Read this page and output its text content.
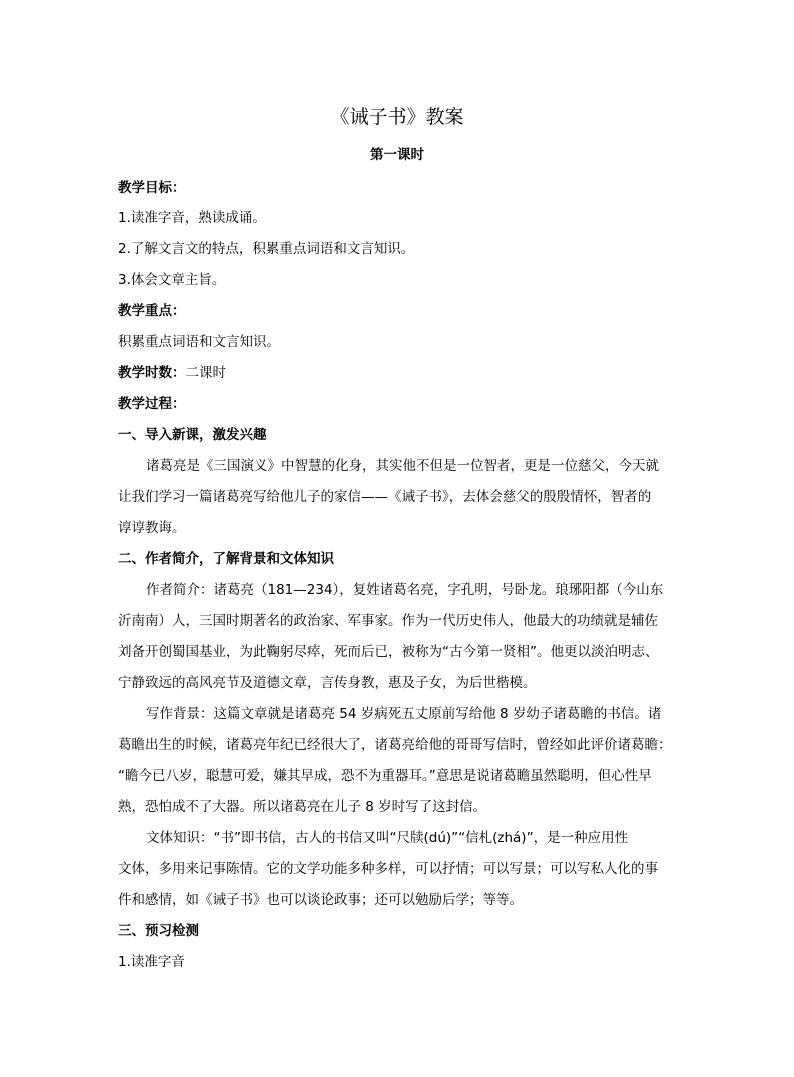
《诫子书》教案
第一课时
教学目标：
1.读准字音，熟读成诵。
2.了解文言文的特点，积累重点词语和文言知识。
3.体会文章主旨。
教学重点：
积累重点词语和文言知识。
教学时数：二课时
教学过程：
一、导入新课，激发兴趣
诸葛亮是《三国演义》中智慧的化身，其实他不但是一位智者，更是一位慈父，今天就
让我们学习一篇诸葛亮写给他儿子的家信——《诫子书》，去体会慈父的殷殷情怀，智者的
谆谆教诲。
二、作者简介，了解背景和文体知识
作者简介：诸葛亮（181—234），复姓诸葛名亮，字孔明，号卧龙。琅琊阳都（今山东
沂南南）人，三国时期著名的政治家、军事家。作为一代历史伟人，他最大的功绩就是辅佐
刘备开创蜀国基业，为此鞠躬尽瘁，死而后已，被称为“古今第一贤相”。他更以淡泊明志、
宁静致远的高风亮节及道德文章，言传身教，惠及子女，为后世楷模。
写作背景：这篇文章就是诸葛亮 54 岁病死五丈原前写给他 8 岁幼子诸葛瞻的书信。诸
葛瞻出生的时候，诸葛亮年纪已经很大了，诸葛亮给他的哥哥写信时，曾经如此评价诸葛瞻：
“瞻今已八岁，聪慧可爱，嫌其早成，恐不为重器耳。”意思是说诸葛瞻虽然聪明，但心性早
熟，恐怕成不了大器。所以诸葛亮在儿子 8 岁时写了这封信。
文体知识：“书”即书信，古人的书信又叫“尺牍(dú)”“信札(zhá)”，是一种应用性
文体，多用来记事陈情。它的文学功能多种多样，可以抒情；可以写景；可以写私人化的事
件和感情，如《诫子书》也可以谈论政事；还可以勉励后学；等等。
三、预习检测
1.读准字音
